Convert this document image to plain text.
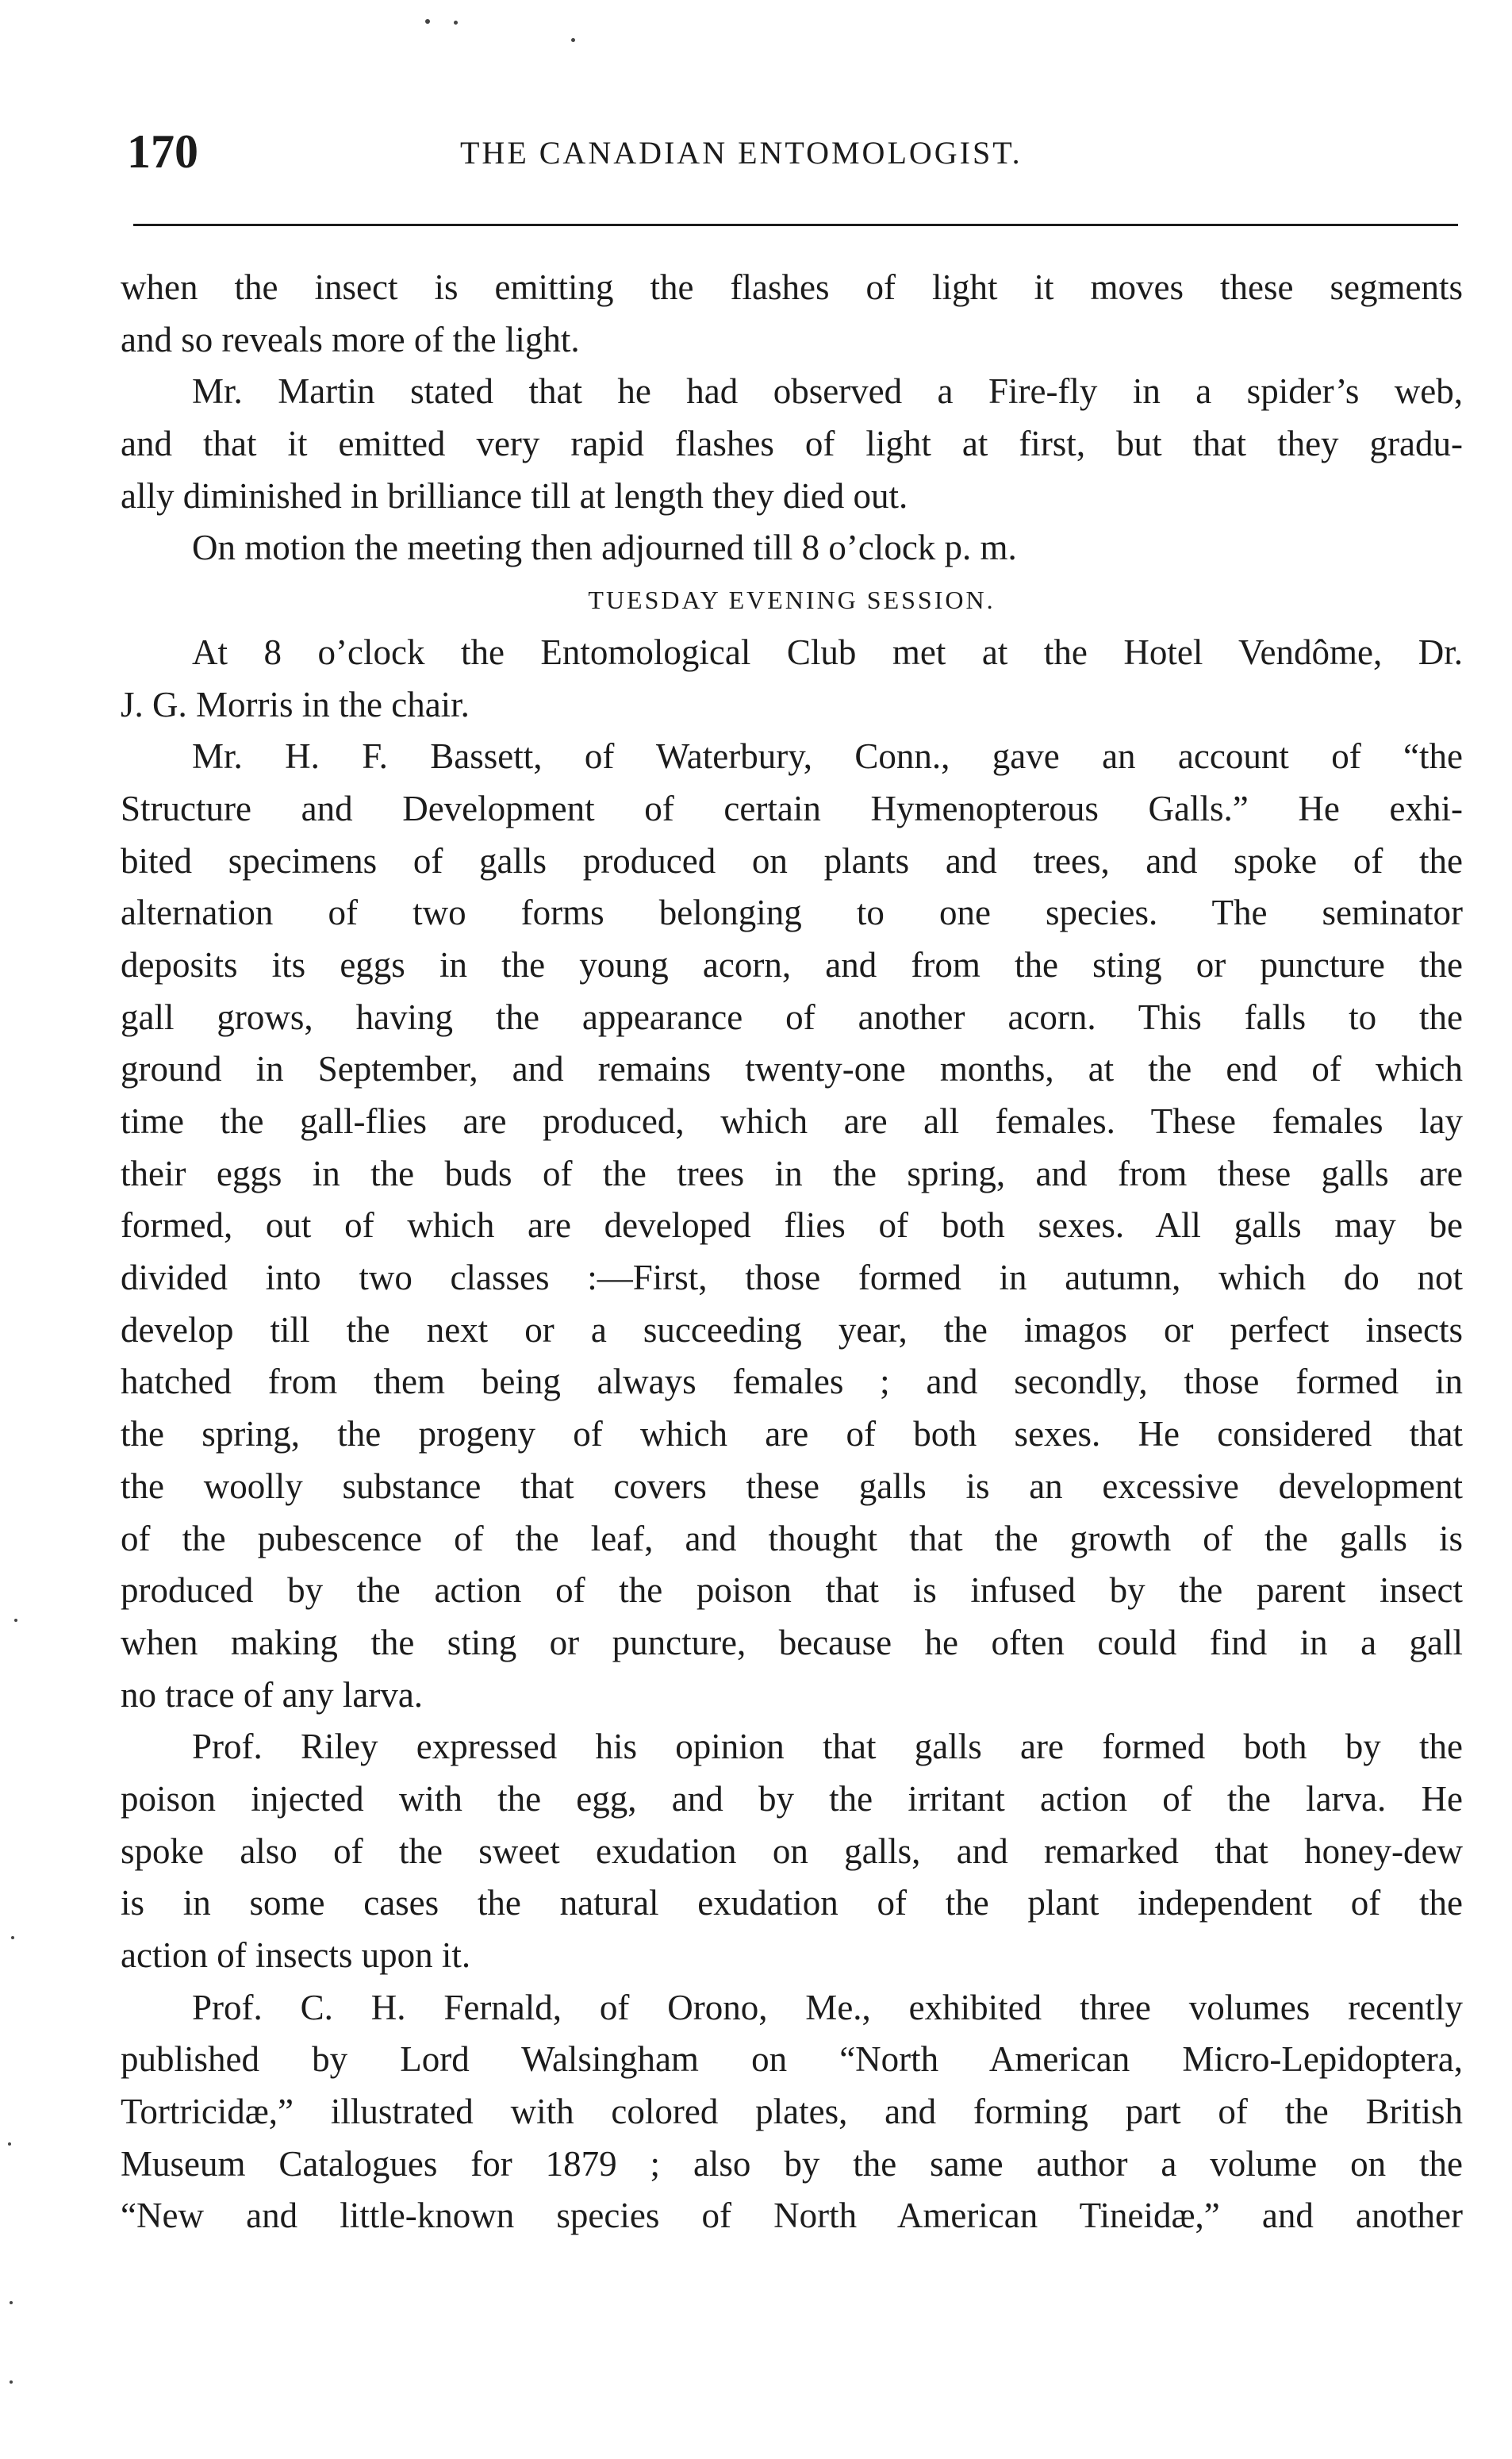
170	THE CANADIAN ENTOMOLOGIST.
when the insect is emitting the flashes of light it moves these segments
and so reveals more of the light.
Mr. Martin stated that he had observed a Fire-fly in a spider’s web,
and that it emitted very rapid flashes of light at first, but that they gradu-
ally diminished in brilliance till at length they died out.
On motion the meeting then adjourned till 8 o’clock p. m.
TUESDAY EVENING SESSION.
At 8 o’clock the Entomological Club met at the Hotel Vendôme, Dr.
J. G. Morris in the chair.
Mr. H. F. Bassett, of Waterbury, Conn., gave an account of “the
Structure and Development of certain Hymenopterous Galls.” He exhi-
bited specimens of galls produced on plants and trees, and spoke of the
alternation of two forms belonging to one species. The seminator
deposits its eggs in the young acorn, and from the sting or puncture the
gall grows, having the appearance of another acorn. This falls to the
ground in September, and remains twenty-one months, at the end of which
time the gall-flies are produced, which are all females. These females lay
their eggs in the buds of the trees in the spring, and from these galls are
formed, out of which are developed flies of both sexes. All galls may be
divided into two classes :—First, those formed in autumn, which do not
develop till the next or a succeeding year, the imagos or perfect insects
hatched from them being always females ; and secondly, those formed in
the spring, the progeny of which are of both sexes. He considered that
the woolly substance that covers these galls is an excessive development
of the pubescence of the leaf, and thought that the growth of the galls is
produced by the action of the poison that is infused by the parent insect
when making the sting or puncture, because he often could find in a gall
no trace of any larva.
Prof. Riley expressed his opinion that galls are formed both by the
poison injected with the egg, and by the irritant action of the larva. He
spoke also of the sweet exudation on galls, and remarked that honey-dew
is in some cases the natural exudation of the plant independent of the
action of insects upon it.
Prof. C. H. Fernald, of Orono, Me., exhibited three volumes recently
published by Lord Walsingham on “North American Micro-Lepidoptera,
Tortricidæ,” illustrated with colored plates, and forming part of the British
Museum Catalogues for 1879 ; also by the same author a volume on the
“New and little-known species of North American Tineidæ,” and another
